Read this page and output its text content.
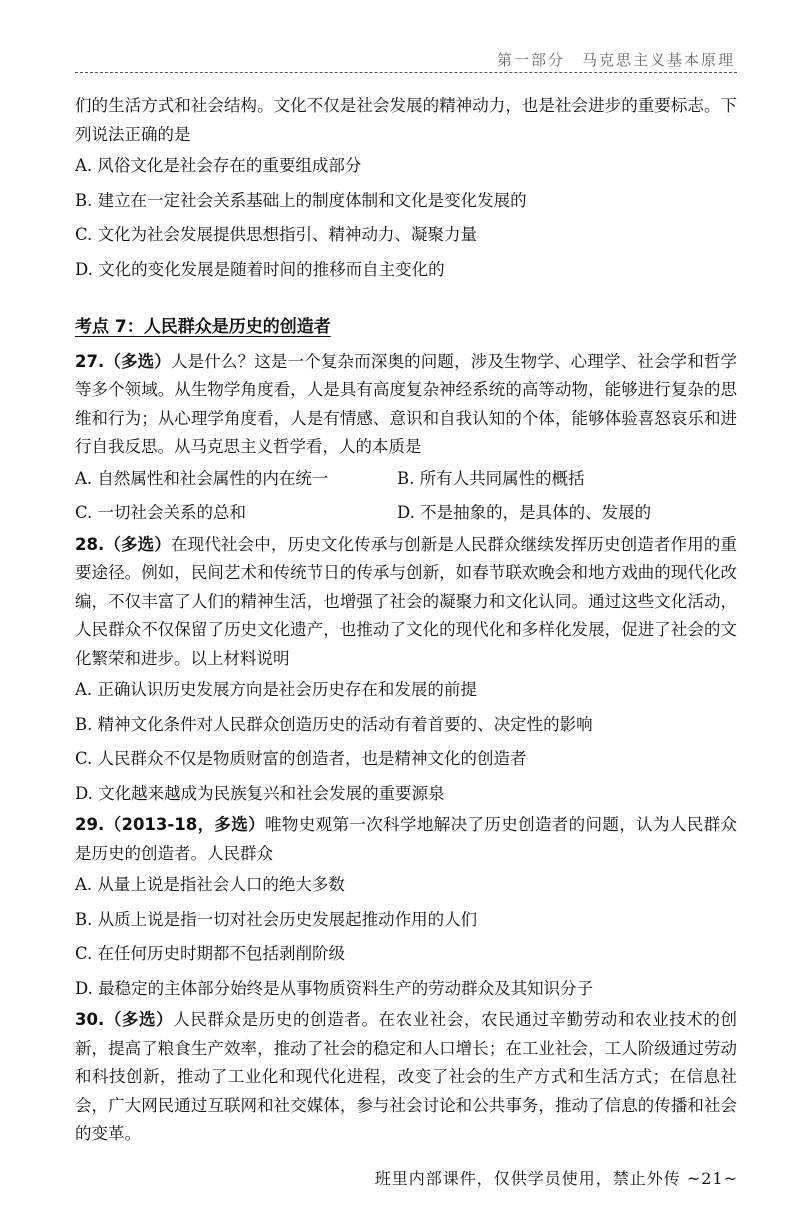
第一部分　马克思主义基本原理

们的生活方式和社会结构。文化不仅是社会发展的精神动力，也是社会进步的重要标志。下列说法正确的是

A. 风俗文化是社会存在的重要组成部分

B. 建立在一定社会关系基础上的制度体制和文化是变化发展的

C. 文化为社会发展提供思想指引、精神动力、凝聚力量

D. 文化的变化发展是随着时间的推移而自主变化的

考点 7：人民群众是历史的创造者

27.（多选）人是什么？这是一个复杂而深奥的问题，涉及生物学、心理学、社会学和哲学等多个领域。从生物学角度看，人是具有高度复杂神经系统的高等动物，能够进行复杂的思维和行为；从心理学角度看，人是有情感、意识和自我认知的个体，能够体验喜怒哀乐和进行自我反思。从马克思主义哲学看，人的本质是

A. 自然属性和社会属性的内在统一	B. 所有人共同属性的概括
C. 一切社会关系的总和	D. 不是抽象的，是具体的、发展的

28.（多选）在现代社会中，历史文化传承与创新是人民群众继续发挥历史创造者作用的重要途径。例如，民间艺术和传统节日的传承与创新，如春节联欢晚会和地方戏曲的现代化改编，不仅丰富了人们的精神生活，也增强了社会的凝聚力和文化认同。通过这些文化活动，人民群众不仅保留了历史文化遗产，也推动了文化的现代化和多样化发展，促进了社会的文化繁荣和进步。以上材料说明

A. 正确认识历史发展方向是社会历史存在和发展的前提

B. 精神文化条件对人民群众创造历史的活动有着首要的、决定性的影响

C. 人民群众不仅是物质财富的创造者，也是精神文化的创造者

D. 文化越来越成为民族复兴和社会发展的重要源泉

29.（2013-18，多选）唯物史观第一次科学地解决了历史创造者的问题，认为人民群众是历史的创造者。人民群众

A. 从量上说是指社会人口的绝大多数

B. 从质上说是指一切对社会历史发展起推动作用的人们

C. 在任何历史时期都不包括剥削阶级

D. 最稳定的主体部分始终是从事物质资料生产的劳动群众及其知识分子

30.（多选）人民群众是历史的创造者。在农业社会，农民通过辛勤劳动和农业技术的创新，提高了粮食生产效率，推动了社会的稳定和人口增长；在工业社会，工人阶级通过劳动和科技创新，推动了工业化和现代化进程，改变了社会的生产方式和生活方式；在信息社会，广大网民通过互联网和社交媒体，参与社会讨论和公共事务，推动了信息的传播和社会的变革。

班里内部课件，仅供学员使用，禁止外传 ~21~
